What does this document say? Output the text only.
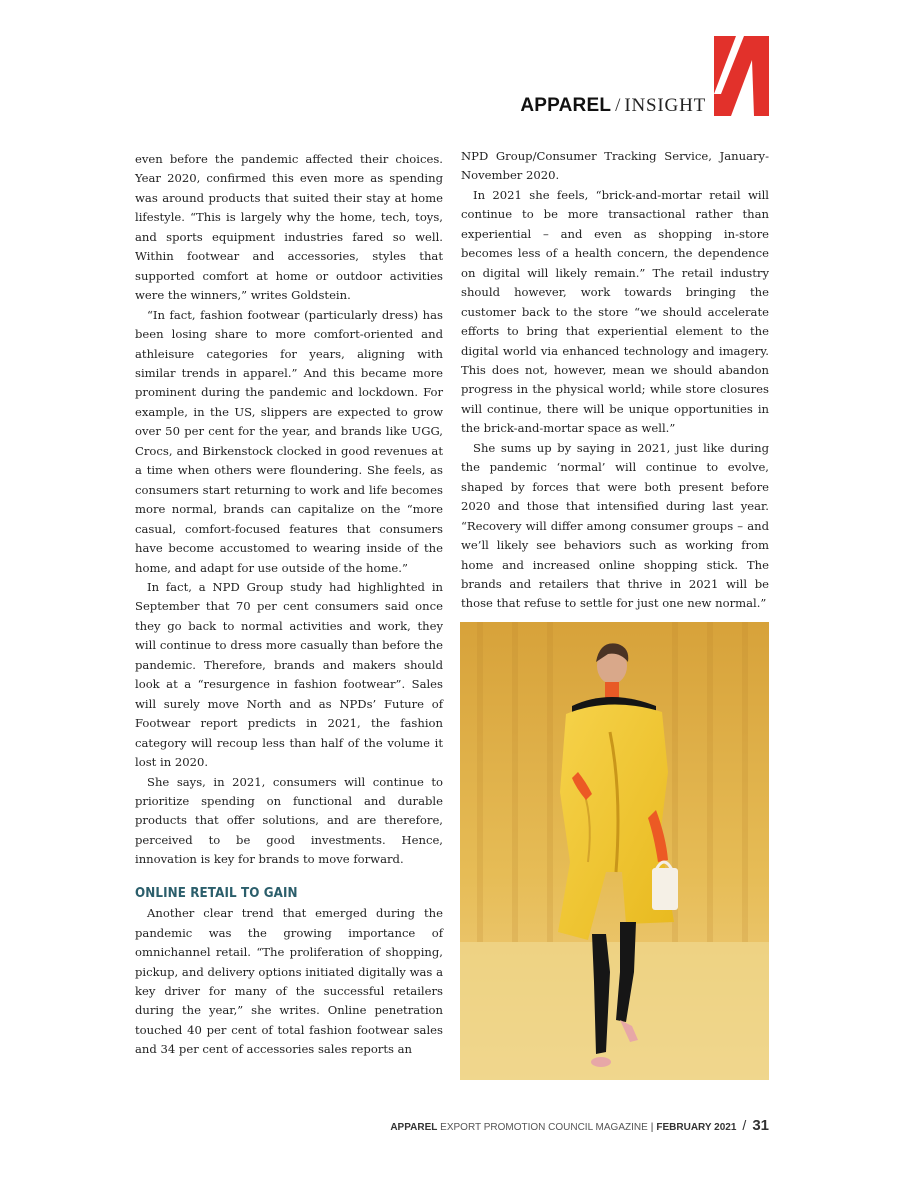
APPAREL / INSIGHT

even before the pandemic affected their choices. Year 2020, confirmed this even more as spending was around products that suited their stay at home lifestyle. “This is largely why the home, tech, toys, and sports equipment industries fared so well. Within footwear and accessories, styles that supported comfort at home or outdoor activities were the winners,” writes Goldstein.

“In fact, fashion footwear (particularly dress) has been losing share to more comfort-oriented and athleisure categories for years, aligning with similar trends in apparel.” And this became more prominent during the pandemic and lockdown. For example, in the US, slippers are expected to grow over 50 per cent for the year, and brands like UGG, Crocs, and Birkenstock clocked in good revenues at a time when others were floundering. She feels, as consumers start returning to work and life becomes more normal, brands can capitalize on the “more casual, comfort-focused features that consumers have become accustomed to wearing inside of the home, and adapt for use outside of the home.”

In fact, a NPD Group study had highlighted in September that 70 per cent consumers said once they go back to normal activities and work, they will continue to dress more casually than before the pandemic. Therefore, brands and makers should look at a “resurgence in fashion footwear”. Sales will surely move North and as NPDs’ Future of Footwear report predicts in 2021, the fashion category will recoup less than half of the volume it lost in 2020.

She says, in 2021, consumers will continue to prioritize spending on functional and durable products that offer solutions, and are therefore, perceived to be good investments. Hence, innovation is key for brands to move forward.

ONLINE RETAIL TO GAIN

Another clear trend that emerged during the pandemic was the growing importance of omnichannel retail. “The proliferation of shopping, pickup, and delivery options initiated digitally was a key driver for many of the successful retailers during the year,” she writes. Online penetration touched 40 per cent of total fashion footwear sales and 34 per cent of accessories sales reports an

NPD Group/Consumer Tracking Service, January-November 2020.

In 2021 she feels, “brick-and-mortar retail will continue to be more transactional rather than experiential – and even as shopping in-store becomes less of a health concern, the dependence on digital will likely remain.” The retail industry should however, work towards bringing the customer back to the store “we should accelerate efforts to bring that experiential element to the digital world via enhanced technology and imagery. This does not, however, mean we should abandon progress in the physical world; while store closures will continue, there will be unique opportunities in the brick-and-mortar space as well.”

She sums up by saying in 2021, just like during the pandemic ‘normal’ will continue to evolve, shaped by forces that were both present before 2020 and those that intensified during last year. “Recovery will differ among consumer groups – and we’ll likely see behaviors such as working from home and increased online shopping stick. The brands and retailers that thrive in 2021 will be those that refuse to settle for just one new normal.”

APPAREL EXPORT PROMOTION COUNCIL MAGAZINE | FEBRUARY 2021 / 31
